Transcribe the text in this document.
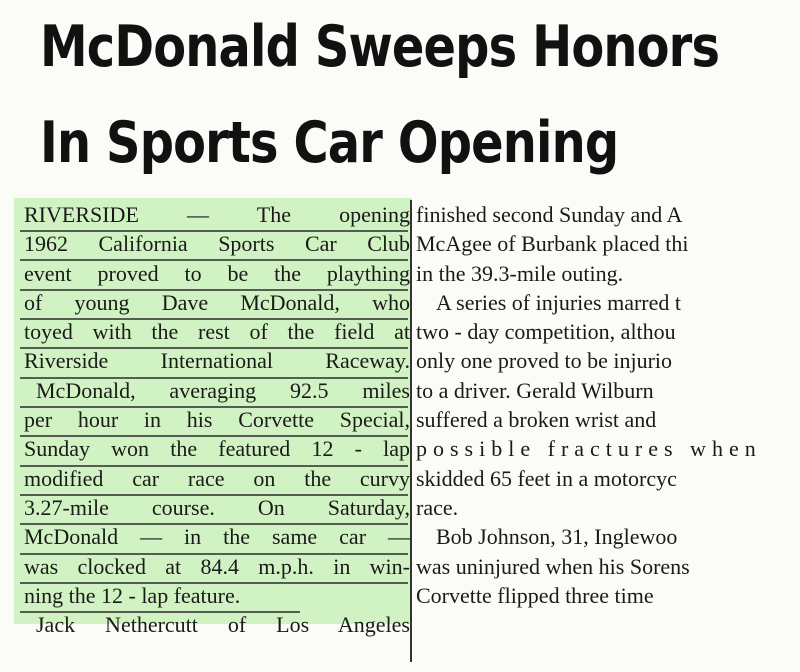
McDonald Sweeps Honors
In Sports Car Opening
RIVERSIDE — The opening
1962 California Sports Car Club
event proved to be the plaything
of young Dave McDonald, who
toyed with the rest of the field at
Riverside International Raceway.
McDonald, averaging 92.5 miles
per hour in his Corvette Special,
Sunday won the featured 12 - lap
modified car race on the curvy
3.27-mile course. On Saturday,
McDonald — in the same car —
was clocked at 84.4 m.p.h. in win-
ning the 12 - lap feature.
Jack Nethercutt of Los Angeles
finished second Sunday and A
McAgee of Burbank placed thi
in the 39.3-mile outing.
A series of injuries marred t
two - day competition, althou
only one proved to be injurio
to a driver. Gerald Wilburn
suffered a broken wrist and
possible fractures when
skidded 65 feet in a motorcyc
race.
Bob Johnson, 31, Inglewoo
was uninjured when his Sorens
Corvette flipped three time
